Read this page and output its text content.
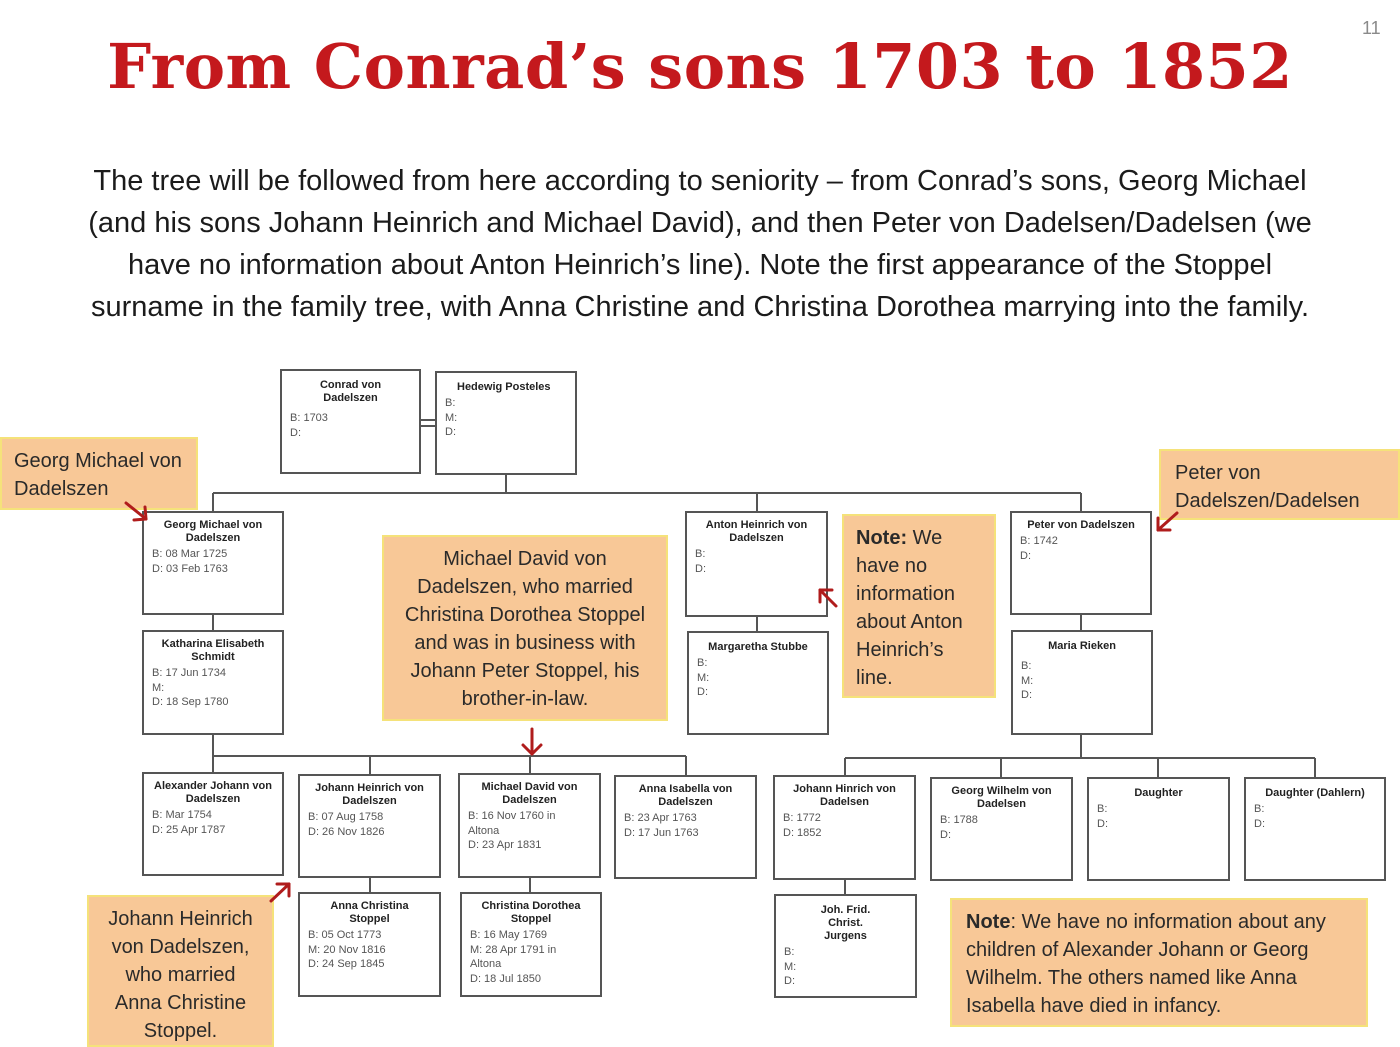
11
From Conrad’s sons 1703 to 1852
The tree will be followed from here according to seniority – from Conrad’s sons, Georg Michael
(and his sons Johann Heinrich and Michael David), and then Peter von Dadelsen/Dadelsen (we
have no information about Anton Heinrich’s line). Note the first appearance of the Stoppel
surname in the family tree, with Anna Christine and Christina Dorothea marrying into the family.
Conrad von Dadelszen
B: 1703
D:
Hedewig Posteles
B:
M:
D:
Georg Michael von Dadelszen
B: 08 Mar 1725
D: 03 Feb 1763
Katharina Elisabeth Schmidt
B: 17 Jun 1734
M:
D: 18 Sep 1780
Anton Heinrich von Dadelszen
B:
D:
Margaretha Stubbe
B:
M:
D:
Peter von Dadelszen
B: 1742
D:
Maria Rieken
B:
M:
D:
Alexander Johann von Dadelszen
B: Mar 1754
D: 25 Apr 1787
Johann Heinrich von Dadelszen
B: 07 Aug 1758
D: 26 Nov 1826
Michael David von Dadelszen
B: 16 Nov 1760 in Altona
D: 23 Apr 1831
Anna Isabella von Dadelszen
B: 23 Apr 1763
D: 17 Jun 1763
Johann Hinrich von Dadelsen
B: 1772
D: 1852
Georg Wilhelm von Dadelsen
B: 1788
D:
Daughter
B:
D:
Daughter (Dahlern)
B:
D:
Anna Christina Stoppel
B: 05 Oct 1773
M: 20 Nov 1816
D: 24 Sep 1845
Christina Dorothea Stoppel
B: 16 May 1769
M: 28 Apr 1791 in Altona
D: 18 Jul 1850
Joh. Frid. Christ. Jurgens
B:
M:
D:
Georg Michael von Dadelszen
Peter von Dadelszen/Dadelsen
Michael David von Dadelszen, who married Christina Dorothea Stoppel and was in business with Johann Peter Stoppel, his brother-in-law.
Note: We have no information about Anton Heinrich’s line.
Johann Heinrich von Dadelszen, who married Anna Christine Stoppel.
Note: We have no information about any children of Alexander Johann or Georg Wilhelm. The others named like Anna Isabella have died in infancy.
